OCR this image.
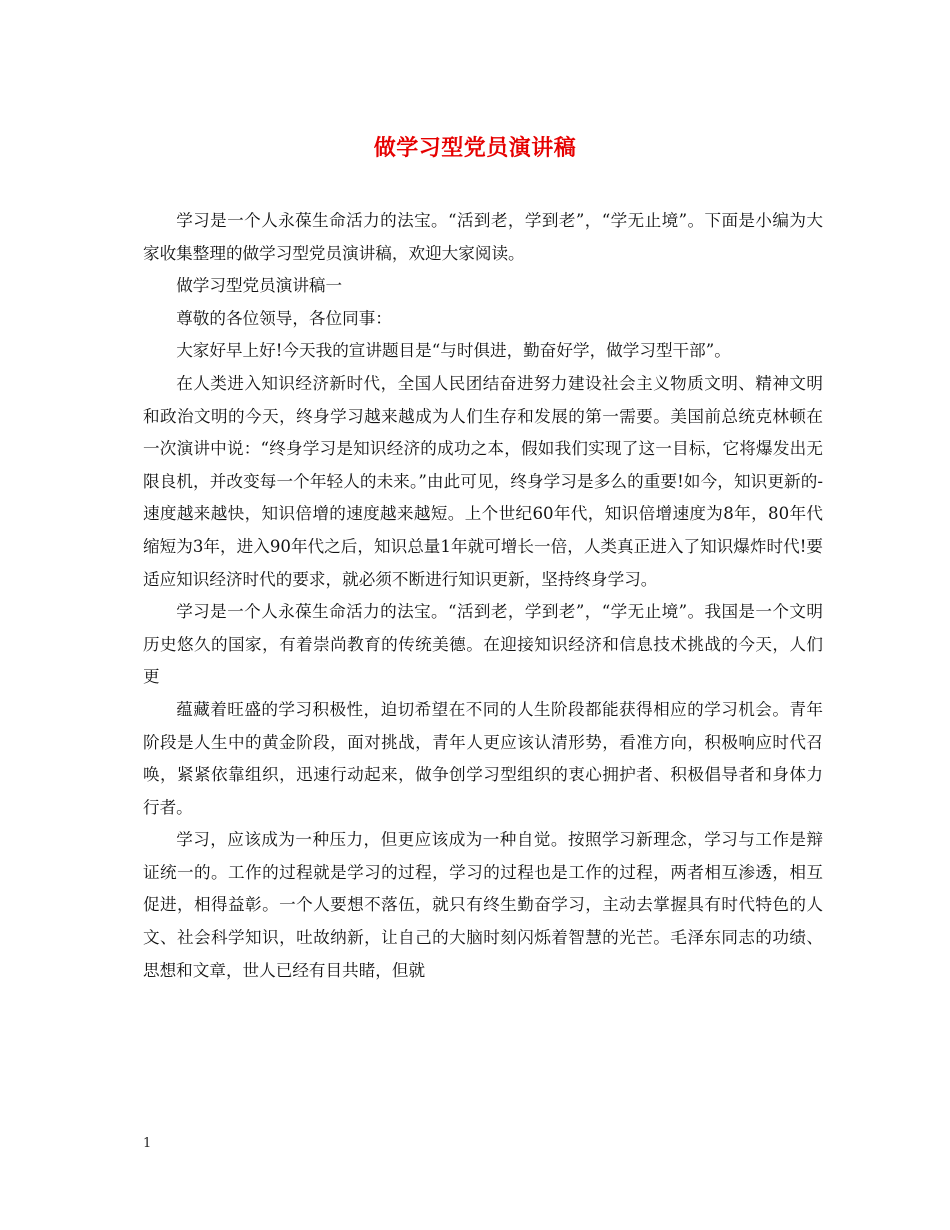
做学习型党员演讲稿

学习是一个人永葆生命活力的法宝。“活到老，学到老”，“学无止境”。下面是小编为大家收集整理的做学习型党员演讲稿，欢迎大家阅读。

做学习型党员演讲稿一

尊敬的各位领导，各位同事：

大家好早上好!今天我的宣讲题目是“与时俱进，勤奋好学，做学习型干部”。

在人类进入知识经济新时代，全国人民团结奋进努力建设社会主义物质文明、精神文明和政治文明的今天，终身学习越来越成为人们生存和发展的第一需要。美国前总统克林顿在一次演讲中说：“终身学习是知识经济的成功之本，假如我们实现了这一目标，它将爆发出无限良机，并改变每一个年轻人的未来。”由此可见，终身学习是多么的重要!如今，知识更新的- 速度越来越快，知识倍增的速度越来越短。上个世纪60年代，知识倍增速度为8年，80年代缩短为3年，进入90年代之后，知识总量1年就可增长一倍，人类真正进入了知识爆炸时代!要适应知识经济时代的要求，就必须不断进行知识更新，坚持终身学习。

学习是一个人永葆生命活力的法宝。“活到老，学到老”，“学无止境”。我国是一个文明历史悠久的国家，有着崇尚教育的传统美德。在迎接知识经济和信息技术挑战的今天，人们更

蕴藏着旺盛的学习积极性，迫切希望在不同的人生阶段都能获得相应的学习机会。青年阶段是人生中的黄金阶段，面对挑战，青年人更应该认清形势，看准方向，积极响应时代召唤，紧紧依靠组织，迅速行动起来，做争创学习型组织的衷心拥护者、积极倡导者和身体力行者。

学习，应该成为一种压力，但更应该成为一种自觉。按照学习新理念，学习与工作是辩证统一的。工作的过程就是学习的过程，学习的过程也是工作的过程，两者相互渗透，相互促进，相得益彰。一个人要想不落伍，就只有终生勤奋学习，主动去掌握具有时代特色的人文、社会科学知识，吐故纳新，让自己的大脑时刻闪烁着智慧的光芒。毛泽东同志的功绩、思想和文章，世人已经有目共睹，但就

1
